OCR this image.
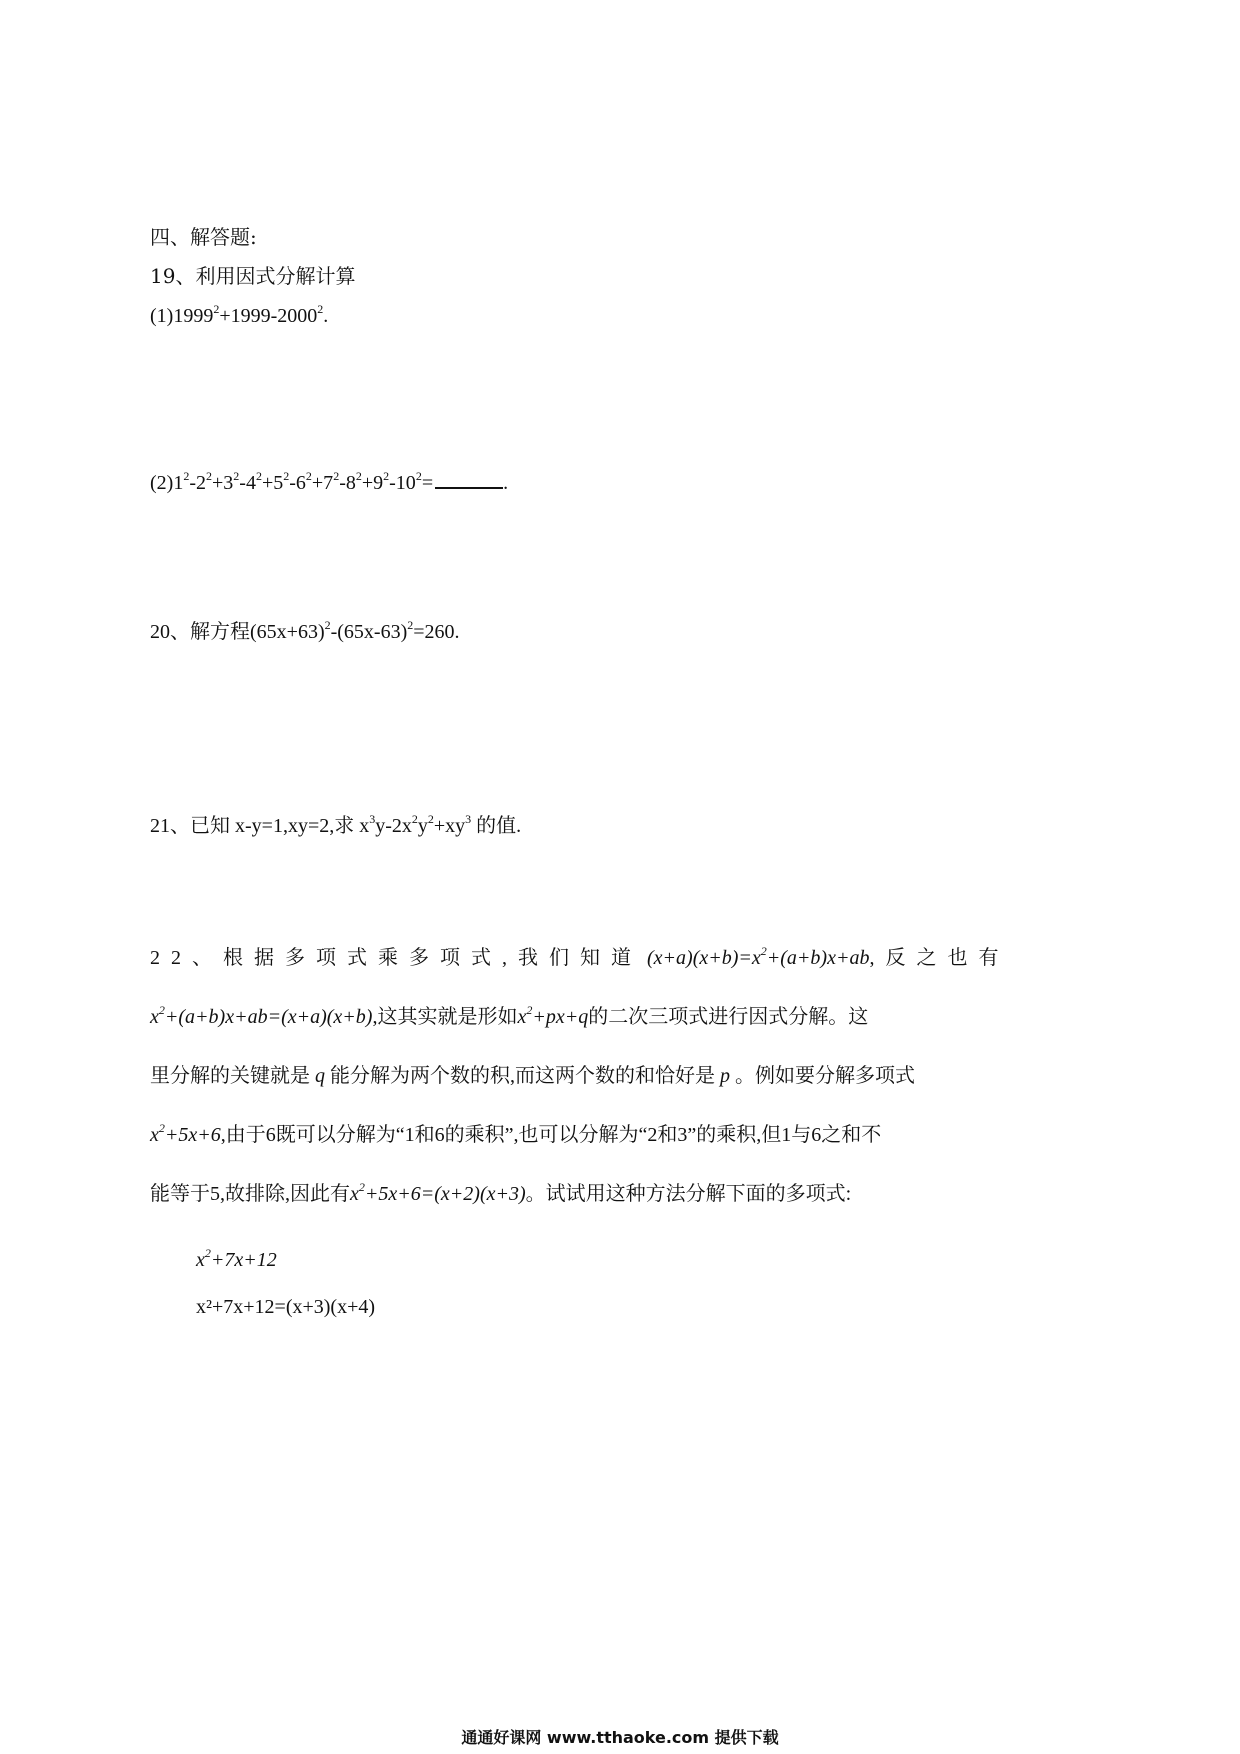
四、解答题:
19、利用因式分解计算
$(1)1999^2+1999-2000^2$.
$(2)1^2-2^2+3^2-4^2+5^2-6^2+7^2-8^2+9^2-10^2=$	.
20、解方程$(65x+63)^2-(65x-63)^2=260$.
21、已知 x-y=1,xy=2,求 $x^3y-2x^2y^2+xy^3$ 的值.
22、根据多项式乘多项式,我们知道 $(x+a)(x+b)=x^2+(a+b)x+ab$,反之也有
$x^2+(a+b)x+ab=(x+a)(x+b)$,这其实就是形如$x^2+px+q$的二次三项式进行因式分解。这
里分解的关键就是 q 能分解为两个数的积,而这两个数的和恰好是 p 。例如要分解多项式
$x^2+5x+6$,由于6既可以分解为“1和6的乘积”,也可以分解为“2和3”的乘积,但1与6之和不
能等于5,故排除,因此有$x^2+5x+6=(x+2)(x+3)$。试试用这种方法分解下面的多项式:
$x^2+7x+12$
x²+7x+12=(x+3)(x+4)
通通好课网 www.tthaoke.com 提供下载
